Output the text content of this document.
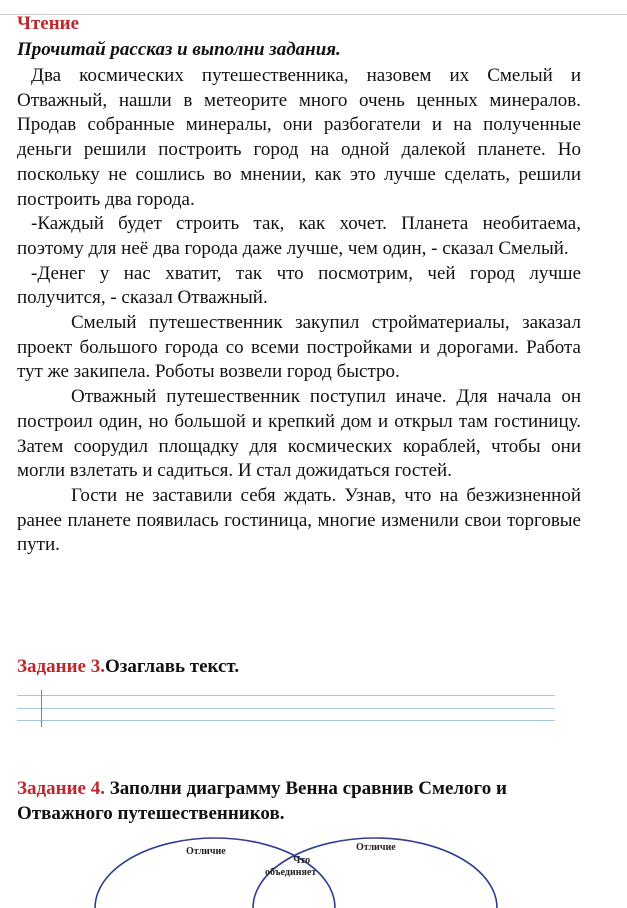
Чтение
Прочитай рассказ и выполни задания.

Два космических путешественника, назовем их Смелый и Отважный, нашли в метеорите много очень ценных минералов. Продав собранные минералы, они разбогатели и на полученные деньги решили построить город на одной далекой планете. Но поскольку не сошлись во мнении, как это лучше сделать, решили построить два города.

-Каждый будет строить так, как хочет. Планета необитаема, поэтому для неё два города даже лучше, чем один, - сказал Смелый.

-Денег у нас хватит, так что посмотрим, чей город лучше получится, - сказал Отважный.

Смелый путешественник закупил стройматериалы, заказал проект большого города со всеми постройками и дорогами. Работа тут же закипела. Роботы возвели город быстро.

Отважный путешественник поступил иначе. Для начала он построил один, но большой и крепкий дом и открыл там гостиницу. Затем соорудил площадку для космических кораблей, чтобы они могли взлетать и садиться. И стал дожидаться гостей.

Гости не заставили себя ждать. Узнав, что на безжизненной ранее планете появилась гостиница, многие изменили свои торговые пути.

Задание 3.Озаглавь текст.
Задание 4. Заполни диаграмму Венна сравнив Смелого и Отважного путешественников.
Отличие	Отличие
Что
объединяет
